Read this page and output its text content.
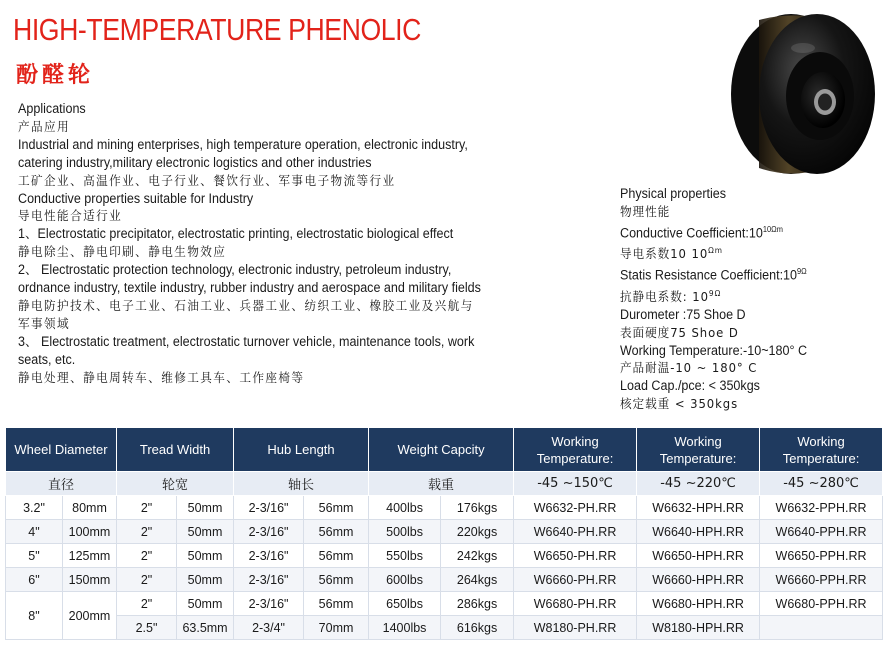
HIGH-TEMPERATURE PHENOLIC
酚醛轮
Applications
产品应用
Industrial and mining enterprises, high temperature operation, electronic industry,
catering industry,military electronic logistics and other industries
工矿企业、高温作业、电子行业、餐饮行业、军事电子物流等行业
Conductive properties suitable for Industry
导电性能合适行业
1、Electrostatic precipitator, electrostatic printing, electrostatic biological effect
静电除尘、静电印刷、静电生物效应
2、 Electrostatic protection technology, electronic industry, petroleum industry,
ordnance industry, textile industry, rubber industry and aerospace and military fields
静电防护技术、电子工业、石油工业、兵器工业、纺织工业、橡胶工业及兴航与
军事领域
3、 Electrostatic treatment, electrostatic turnover vehicle, maintenance tools, work
seats, etc.
静电处理、静电周转车、维修工具车、工作座椅等
Physical properties
物理性能
Conductive $Coefficient:10^{10\Omega m}$
导电系数10 $10^{\Omega m}$
Statis Resistance $Coefficient:10^{9\Omega}$
抗静电系数: $10^{9\Omega}$
Durometer :75 Shoe D
表面硬度75 Shoe D
Working Temperature:-10~180° C
产品耐温-10 ~ 180° C
Load Cap./pce: < 350kgs
核定载重 < 350kgs
Wheel Diameter		Tread Width		Hub Length		Weight Capcity		Working Temperature:	Working Temperature:	Working Temperature:
直径		轮宽		轴长		载重		-45 ~150℃	-45 ~220℃	-45 ~280℃
3.2"	80mm	2"	50mm	2-3/16"	56mm	400lbs	176kgs	W6632-PH.RR	W6632-HPH.RR	W6632-PPH.RR
4"	100mm	2"	50mm	2-3/16"	56mm	500lbs	220kgs	W6640-PH.RR	W6640-HPH.RR	W6640-PPH.RR
5"	125mm	2"	50mm	2-3/16"	56mm	550lbs	242kgs	W6650-PH.RR	W6650-HPH.RR	W6650-PPH.RR
6"	150mm	2"	50mm	2-3/16"	56mm	600lbs	264kgs	W6660-PH.RR	W6660-HPH.RR	W6660-PPH.RR
8"	200mm	2"	50mm	2-3/16"	56mm	650lbs	286kgs	W6680-PH.RR	W6680-HPH.RR	W6680-PPH.RR
		2.5"	63.5mm	2-3/4"	70mm	1400lbs	616kgs	W8180-PH.RR	W8180-HPH.RR	
